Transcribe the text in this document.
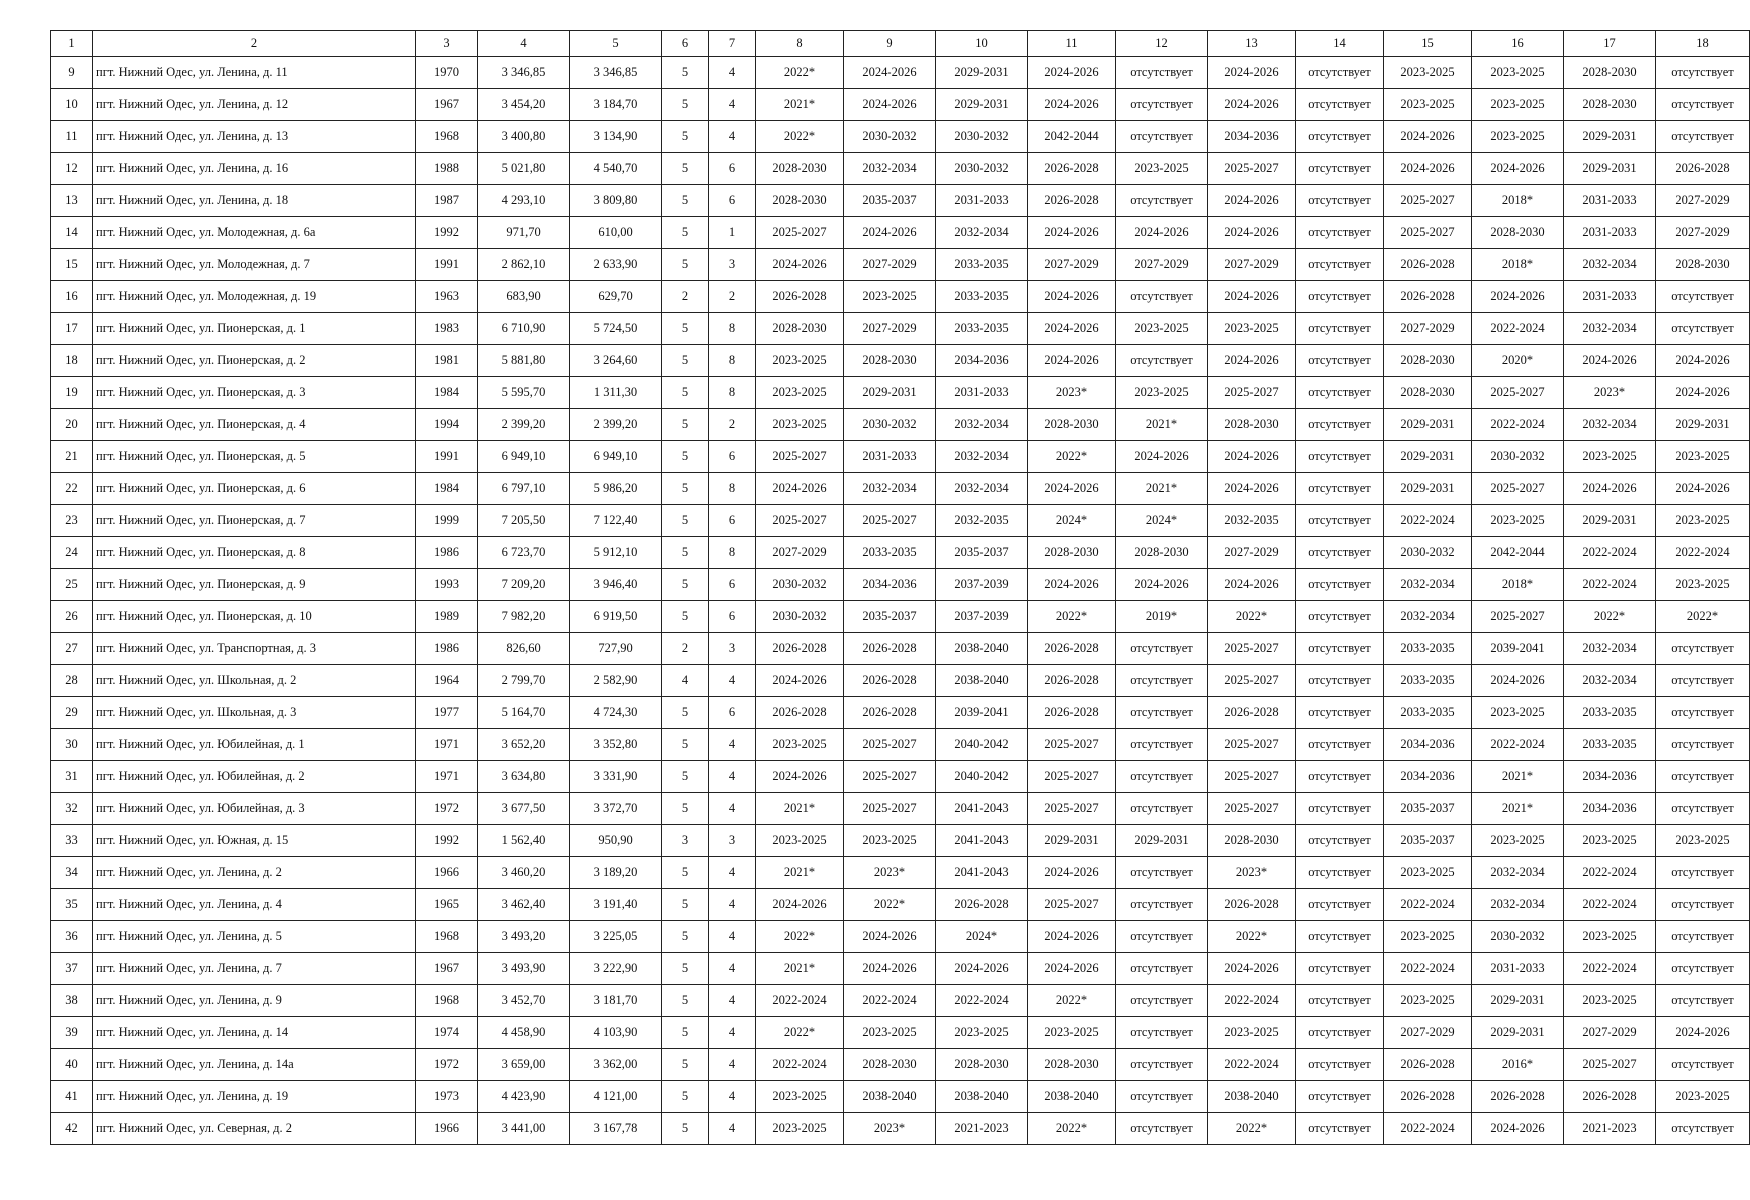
1	2	3	4	5	6	7	8	9	10	11	12	13	14	15	16	17	18
9	пгт. Нижний Одес, ул. Ленина, д. 11	1970	3 346,85	3 346,85	5	4	2022*	2024-2026	2029-2031	2024-2026	отсутствует	2024-2026	отсутствует	2023-2025	2023-2025	2028-2030	отсутствует
10	пгт. Нижний Одес, ул. Ленина, д. 12	1967	3 454,20	3 184,70	5	4	2021*	2024-2026	2029-2031	2024-2026	отсутствует	2024-2026	отсутствует	2023-2025	2023-2025	2028-2030	отсутствует
11	пгт. Нижний Одес, ул. Ленина, д. 13	1968	3 400,80	3 134,90	5	4	2022*	2030-2032	2030-2032	2042-2044	отсутствует	2034-2036	отсутствует	2024-2026	2023-2025	2029-2031	отсутствует
12	пгт. Нижний Одес, ул. Ленина, д. 16	1988	5 021,80	4 540,70	5	6	2028-2030	2032-2034	2030-2032	2026-2028	2023-2025	2025-2027	отсутствует	2024-2026	2024-2026	2029-2031	2026-2028
13	пгт. Нижний Одес, ул. Ленина, д. 18	1987	4 293,10	3 809,80	5	6	2028-2030	2035-2037	2031-2033	2026-2028	отсутствует	2024-2026	отсутствует	2025-2027	2018*	2031-2033	2027-2029
14	пгт. Нижний Одес, ул. Молодежная, д. 6а	1992	971,70	610,00	5	1	2025-2027	2024-2026	2032-2034	2024-2026	2024-2026	2024-2026	отсутствует	2025-2027	2028-2030	2031-2033	2027-2029
15	пгт. Нижний Одес, ул. Молодежная, д. 7	1991	2 862,10	2 633,90	5	3	2024-2026	2027-2029	2033-2035	2027-2029	2027-2029	2027-2029	отсутствует	2026-2028	2018*	2032-2034	2028-2030
16	пгт. Нижний Одес, ул. Молодежная, д. 19	1963	683,90	629,70	2	2	2026-2028	2023-2025	2033-2035	2024-2026	отсутствует	2024-2026	отсутствует	2026-2028	2024-2026	2031-2033	отсутствует
17	пгт. Нижний Одес, ул. Пионерская, д. 1	1983	6 710,90	5 724,50	5	8	2028-2030	2027-2029	2033-2035	2024-2026	2023-2025	2023-2025	отсутствует	2027-2029	2022-2024	2032-2034	отсутствует
18	пгт. Нижний Одес, ул. Пионерская, д. 2	1981	5 881,80	3 264,60	5	8	2023-2025	2028-2030	2034-2036	2024-2026	отсутствует	2024-2026	отсутствует	2028-2030	2020*	2024-2026	2024-2026
19	пгт. Нижний Одес, ул. Пионерская, д. 3	1984	5 595,70	1 311,30	5	8	2023-2025	2029-2031	2031-2033	2023*	2023-2025	2025-2027	отсутствует	2028-2030	2025-2027	2023*	2024-2026
20	пгт. Нижний Одес, ул. Пионерская, д. 4	1994	2 399,20	2 399,20	5	2	2023-2025	2030-2032	2032-2034	2028-2030	2021*	2028-2030	отсутствует	2029-2031	2022-2024	2032-2034	2029-2031
21	пгт. Нижний Одес, ул. Пионерская, д. 5	1991	6 949,10	6 949,10	5	6	2025-2027	2031-2033	2032-2034	2022*	2024-2026	2024-2026	отсутствует	2029-2031	2030-2032	2023-2025	2023-2025
22	пгт. Нижний Одес, ул. Пионерская, д. 6	1984	6 797,10	5 986,20	5	8	2024-2026	2032-2034	2032-2034	2024-2026	2021*	2024-2026	отсутствует	2029-2031	2025-2027	2024-2026	2024-2026
23	пгт. Нижний Одес, ул. Пионерская, д. 7	1999	7 205,50	7 122,40	5	6	2025-2027	2025-2027	2032-2035	2024*	2024*	2032-2035	отсутствует	2022-2024	2023-2025	2029-2031	2023-2025
24	пгт. Нижний Одес, ул. Пионерская, д. 8	1986	6 723,70	5 912,10	5	8	2027-2029	2033-2035	2035-2037	2028-2030	2028-2030	2027-2029	отсутствует	2030-2032	2042-2044	2022-2024	2022-2024
25	пгт. Нижний Одес, ул. Пионерская, д. 9	1993	7 209,20	3 946,40	5	6	2030-2032	2034-2036	2037-2039	2024-2026	2024-2026	2024-2026	отсутствует	2032-2034	2018*	2022-2024	2023-2025
26	пгт. Нижний Одес, ул. Пионерская, д. 10	1989	7 982,20	6 919,50	5	6	2030-2032	2035-2037	2037-2039	2022*	2019*	2022*	отсутствует	2032-2034	2025-2027	2022*	2022*
27	пгт. Нижний Одес, ул. Транспортная, д. 3	1986	826,60	727,90	2	3	2026-2028	2026-2028	2038-2040	2026-2028	отсутствует	2025-2027	отсутствует	2033-2035	2039-2041	2032-2034	отсутствует
28	пгт. Нижний Одес, ул. Школьная, д. 2	1964	2 799,70	2 582,90	4	4	2024-2026	2026-2028	2038-2040	2026-2028	отсутствует	2025-2027	отсутствует	2033-2035	2024-2026	2032-2034	отсутствует
29	пгт. Нижний Одес, ул. Школьная, д. 3	1977	5 164,70	4 724,30	5	6	2026-2028	2026-2028	2039-2041	2026-2028	отсутствует	2026-2028	отсутствует	2033-2035	2023-2025	2033-2035	отсутствует
30	пгт. Нижний Одес, ул. Юбилейная, д. 1	1971	3 652,20	3 352,80	5	4	2023-2025	2025-2027	2040-2042	2025-2027	отсутствует	2025-2027	отсутствует	2034-2036	2022-2024	2033-2035	отсутствует
31	пгт. Нижний Одес, ул. Юбилейная, д. 2	1971	3 634,80	3 331,90	5	4	2024-2026	2025-2027	2040-2042	2025-2027	отсутствует	2025-2027	отсутствует	2034-2036	2021*	2034-2036	отсутствует
32	пгт. Нижний Одес, ул. Юбилейная, д. 3	1972	3 677,50	3 372,70	5	4	2021*	2025-2027	2041-2043	2025-2027	отсутствует	2025-2027	отсутствует	2035-2037	2021*	2034-2036	отсутствует
33	пгт. Нижний Одес, ул. Южная, д. 15	1992	1 562,40	950,90	3	3	2023-2025	2023-2025	2041-2043	2029-2031	2029-2031	2028-2030	отсутствует	2035-2037	2023-2025	2023-2025	2023-2025
34	пгт. Нижний Одес, ул. Ленина, д. 2	1966	3 460,20	3 189,20	5	4	2021*	2023*	2041-2043	2024-2026	отсутствует	2023*	отсутствует	2023-2025	2032-2034	2022-2024	отсутствует
35	пгт. Нижний Одес, ул. Ленина, д. 4	1965	3 462,40	3 191,40	5	4	2024-2026	2022*	2026-2028	2025-2027	отсутствует	2026-2028	отсутствует	2022-2024	2032-2034	2022-2024	отсутствует
36	пгт. Нижний Одес, ул. Ленина, д. 5	1968	3 493,20	3 225,05	5	4	2022*	2024-2026	2024*	2024-2026	отсутствует	2022*	отсутствует	2023-2025	2030-2032	2023-2025	отсутствует
37	пгт. Нижний Одес, ул. Ленина, д. 7	1967	3 493,90	3 222,90	5	4	2021*	2024-2026	2024-2026	2024-2026	отсутствует	2024-2026	отсутствует	2022-2024	2031-2033	2022-2024	отсутствует
38	пгт. Нижний Одес, ул. Ленина, д. 9	1968	3 452,70	3 181,70	5	4	2022-2024	2022-2024	2022-2024	2022*	отсутствует	2022-2024	отсутствует	2023-2025	2029-2031	2023-2025	отсутствует
39	пгт. Нижний Одес, ул. Ленина, д. 14	1974	4 458,90	4 103,90	5	4	2022*	2023-2025	2023-2025	2023-2025	отсутствует	2023-2025	отсутствует	2027-2029	2029-2031	2027-2029	2024-2026
40	пгт. Нижний Одес, ул. Ленина, д. 14а	1972	3 659,00	3 362,00	5	4	2022-2024	2028-2030	2028-2030	2028-2030	отсутствует	2022-2024	отсутствует	2026-2028	2016*	2025-2027	отсутствует
41	пгт. Нижний Одес, ул. Ленина, д. 19	1973	4 423,90	4 121,00	5	4	2023-2025	2038-2040	2038-2040	2038-2040	отсутствует	2038-2040	отсутствует	2026-2028	2026-2028	2026-2028	2023-2025
42	пгт. Нижний Одес, ул. Северная, д. 2	1966	3 441,00	3 167,78	5	4	2023-2025	2023*	2021-2023	2022*	отсутствует	2022*	отсутствует	2022-2024	2024-2026	2021-2023	отсутствует
